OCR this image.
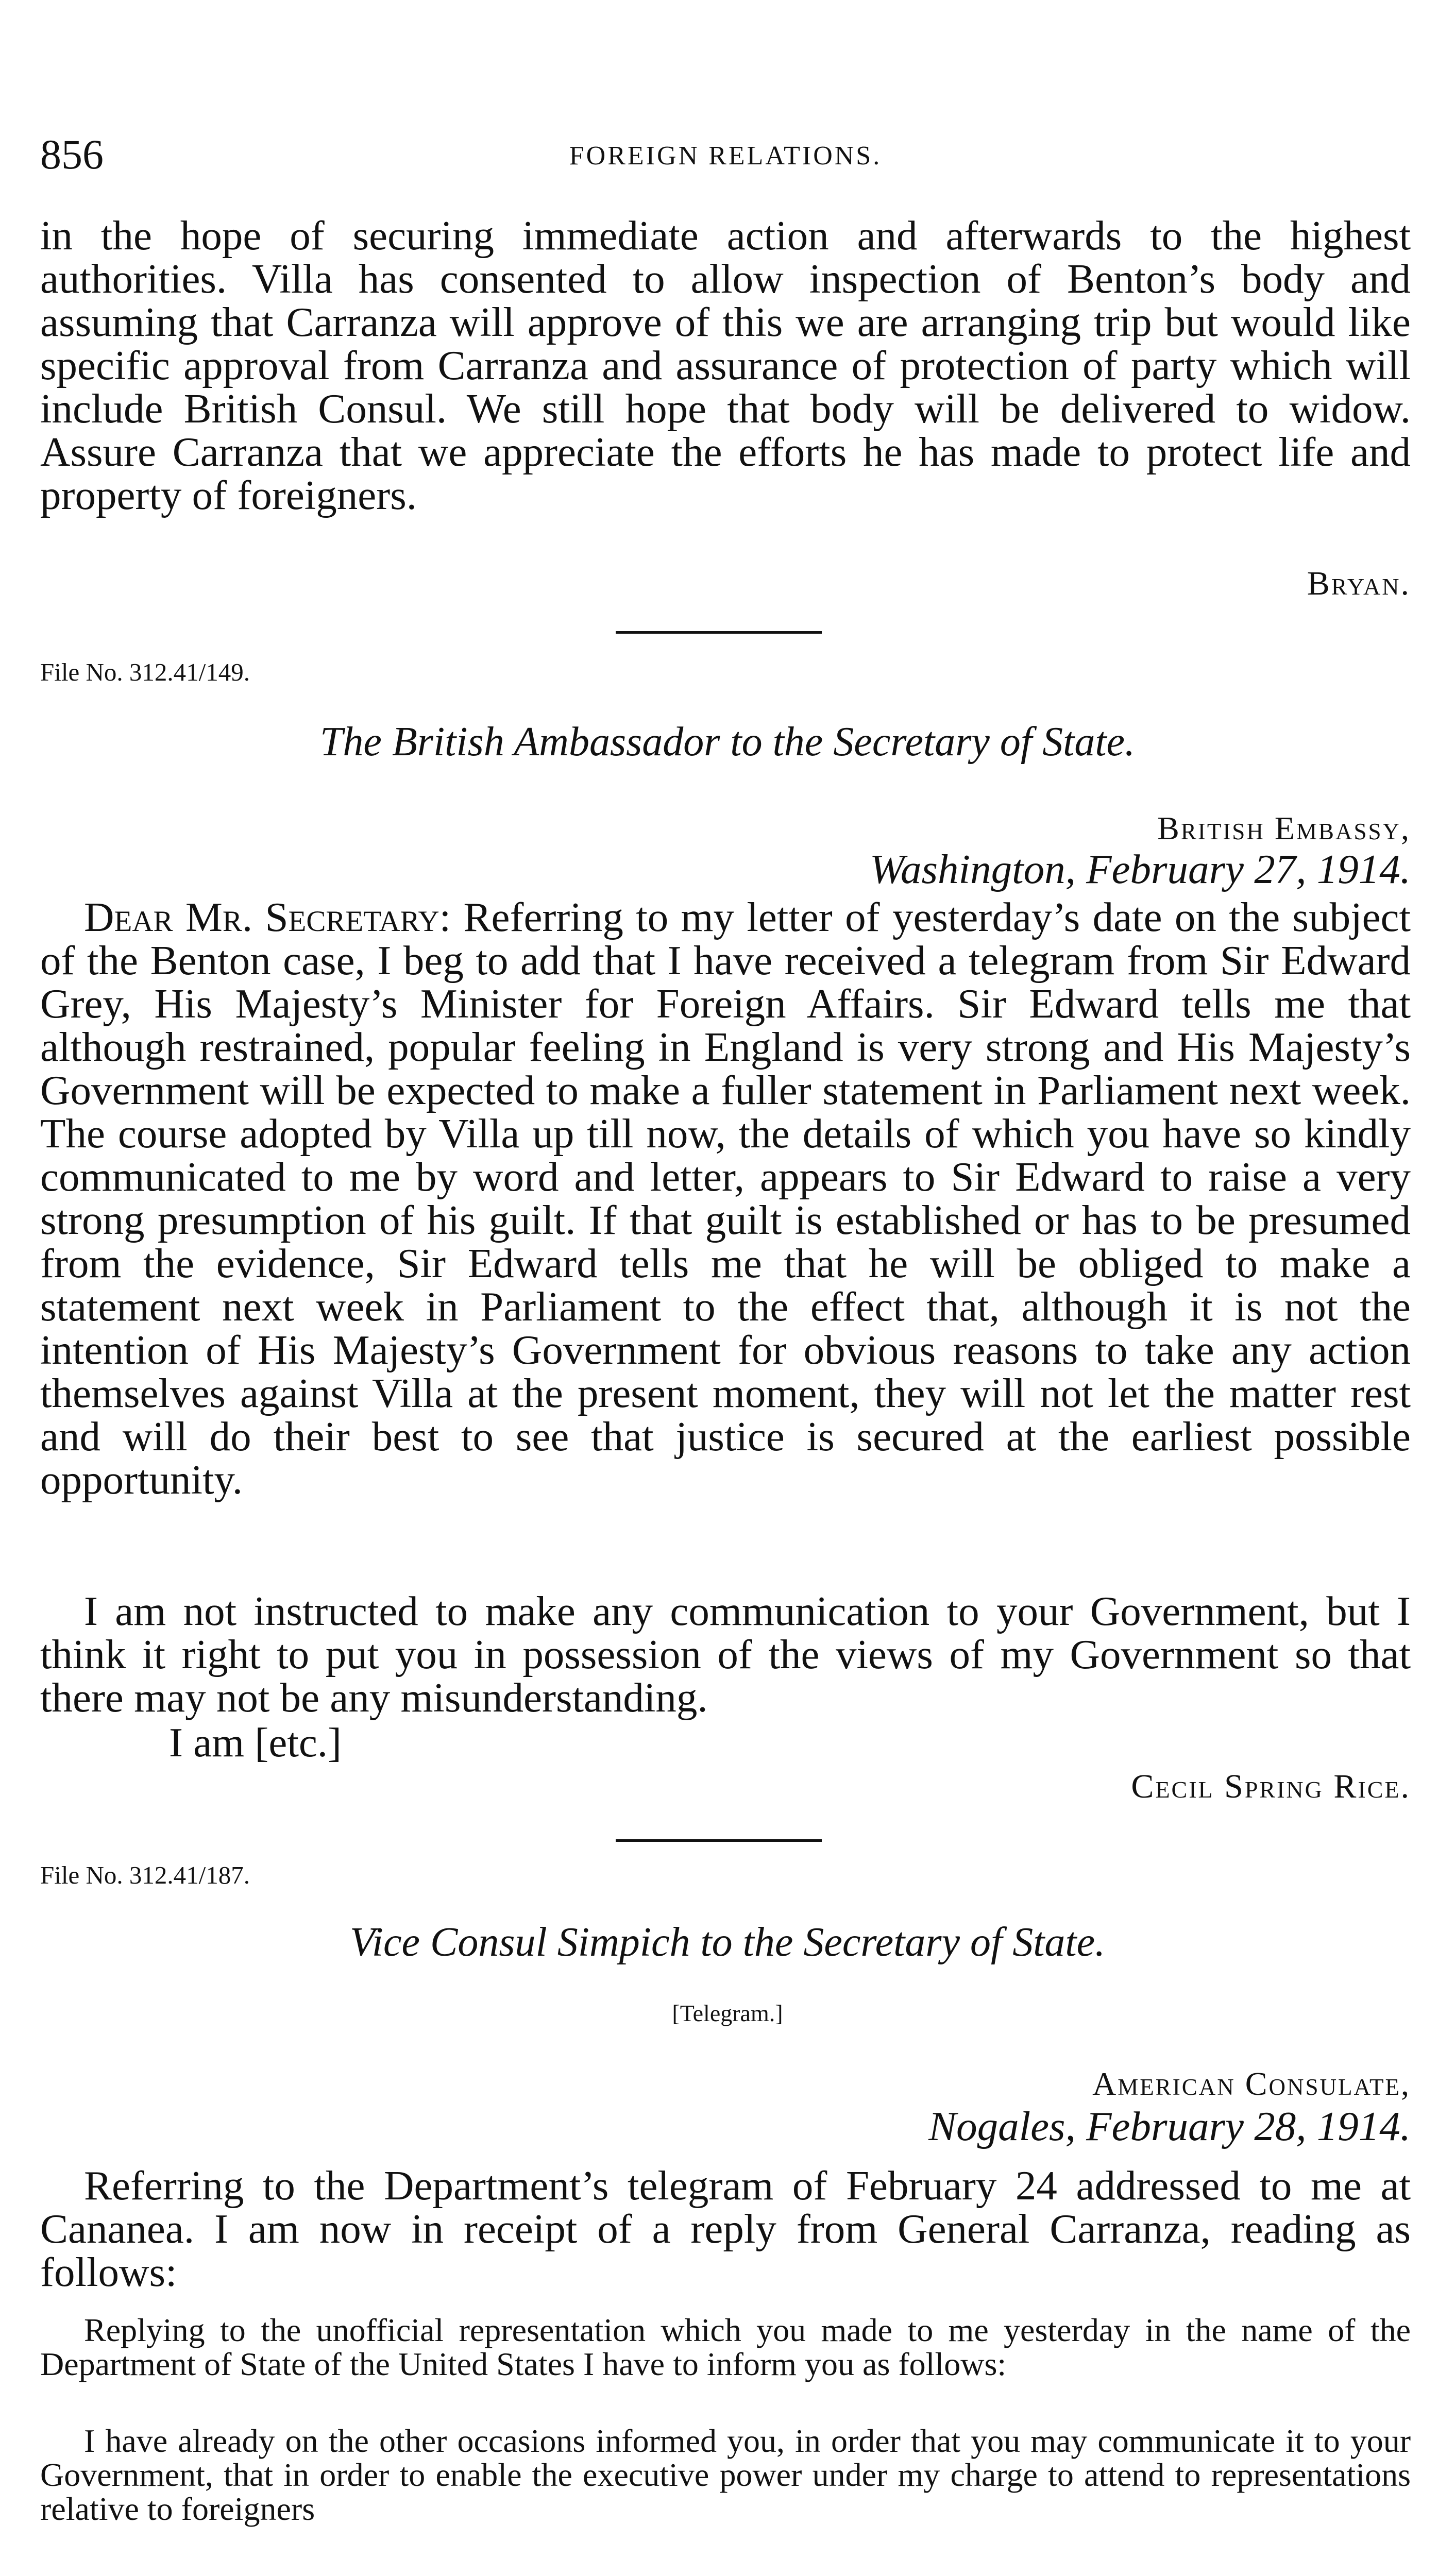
856	FOREIGN RELATIONS.

in the hope of securing immediate action and afterwards to the highest authorities. Villa has consented to allow inspection of Benton’s body and assuming that Carranza will approve of this we are arranging trip but would like specific approval from Carranza and assurance of protection of party which will include British Consul. We still hope that body will be delivered to widow. Assure Carranza that we appreciate the efforts he has made to protect life and property of foreigners.

Bryan.
File No. 312.41/149.
The British Ambassador to the Secretary of State.
British Embassy,
Washington, February 27, 1914.

Dear Mr. Secretary: Referring to my letter of yesterday’s date on the subject of the Benton case, I beg to add that I have received a telegram from Sir Edward Grey, His Majesty’s Minister for Foreign Affairs. Sir Edward tells me that although restrained, popular feeling in England is very strong and His Majesty’s Government will be expected to make a fuller statement in Parliament next week. The course adopted by Villa up till now, the details of which you have so kindly communicated to me by word and letter, appears to Sir Edward to raise a very strong presumption of his guilt. If that guilt is established or has to be presumed from the evidence, Sir Edward tells me that he will be obliged to make a statement next week in Parliament to the effect that, although it is not the intention of His Majesty’s Government for obvious reasons to take any action themselves against Villa at the present moment, they will not let the matter rest and will do their best to see that justice is secured at the earliest possible opportunity.

I am not instructed to make any communication to your Government, but I think it right to put you in possession of the views of my Government so that there may not be any misunderstanding.

I am [etc.]

Cecil Spring Rice.
File No. 312.41/187.
Vice Consul Simpich to the Secretary of State.
[Telegram.]
American Consulate,
Nogales, February 28, 1914.

Referring to the Department’s telegram of February 24 addressed to me at Cananea. I am now in receipt of a reply from General Carranza, reading as follows:

Replying to the unofficial representation which you made to me yesterday in the name of the Department of State of the United States I have to inform you as follows:

I have already on the other occasions informed you, in order that you may communicate it to your Government, that in order to enable the executive power under my charge to attend to representations relative to foreigners
